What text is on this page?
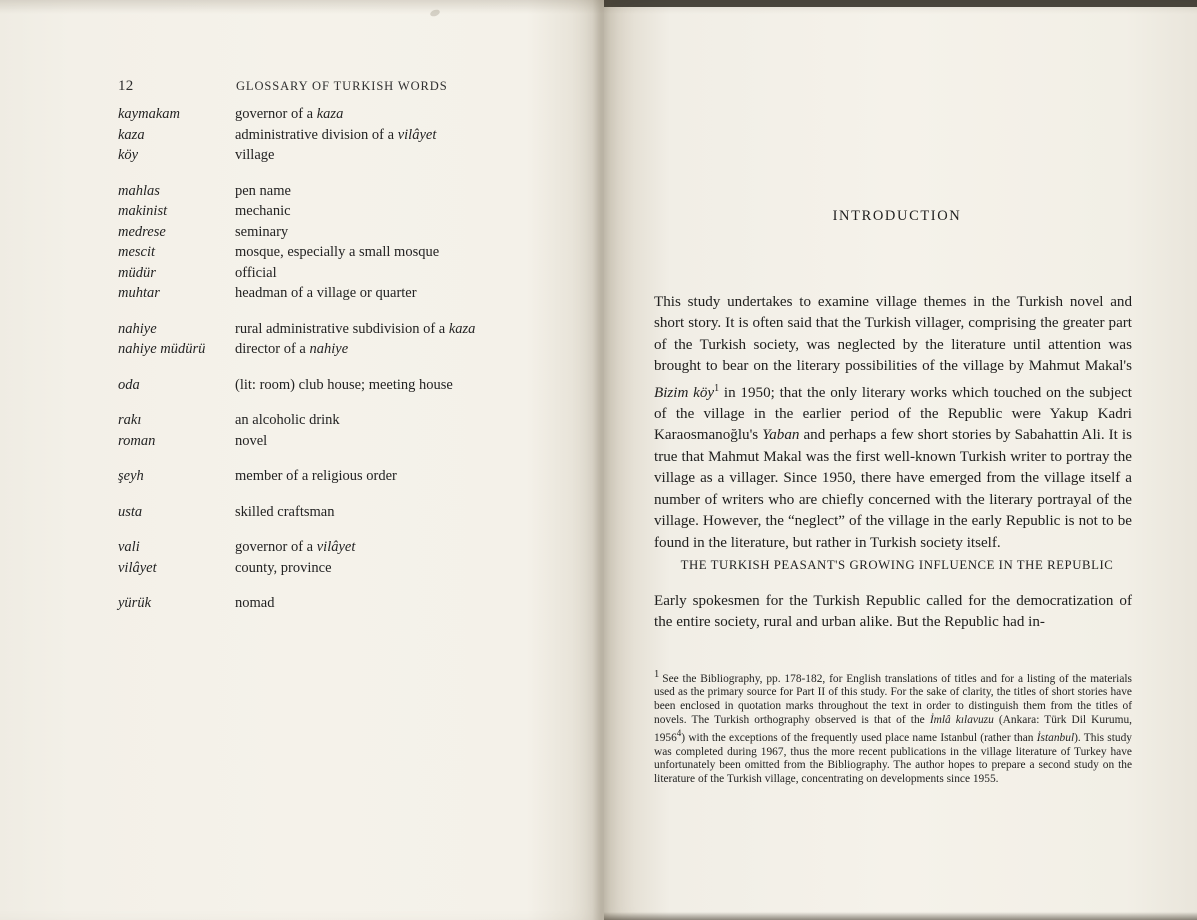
12	GLOSSARY OF TURKISH WORDS
kaymakam	governor of a kaza
kaza	administrative division of a vilâyet
köy	village
mahlas	pen name
makinist	mechanic
medrese	seminary
mescit	mosque, especially a small mosque
müdür	official
muhtar	headman of a village or quarter
nahiye	rural administrative subdivision of a kaza
nahiye müdürü	director of a nahiye
oda	(lit: room) club house; meeting house
rakı	an alcoholic drink
roman	novel
şeyh	member of a religious order
usta	skilled craftsman
vali	governor of a vilâyet
vilâyet	county, province
yürük	nomad
INTRODUCTION

This study undertakes to examine village themes in the Turkish novel and short story. It is often said that the Turkish villager, comprising the greater part of the Turkish society, was neglected by the literature until attention was brought to bear on the literary possibilities of the village by Mahmut Makal's Bizim köy$^1$ in 1950; that the only literary works which touched on the subject of the village in the earlier period of the Republic were Yakup Kadri Karaosmanoğlu's Yaban and perhaps a few short stories by Sabahattin Ali. It is true that Mahmut Makal was the first well-known Turkish writer to portray the village as a villager. Since 1950, there have emerged from the village itself a number of writers who are chiefly concerned with the literary portrayal of the village. However, the “neglect” of the village in the early Republic is not to be found in the literature, but rather in Turkish society itself.

THE TURKISH PEASANT'S GROWING INFLUENCE IN THE REPUBLIC

Early spokesmen for the Turkish Republic called for the democratization of the entire society, rural and urban alike. But the Republic had in-

1 See the Bibliography, pp. 178-182, for English translations of titles and for a listing of the materials used as the primary source for Part II of this study. For the sake of clarity, the titles of short stories have been enclosed in quotation marks throughout the text in order to distinguish them from the titles of novels. The Turkish orthography observed is that of the İmlâ kılavuzu (Ankara: Türk Dil Kurumu, 1956$^4$) with the exceptions of the frequently used place name Istanbul (rather than İstanbul). This study was completed during 1967, thus the more recent publications in the village literature of Turkey have unfortunately been omitted from the Bibliography. The author hopes to prepare a second study on the literature of the Turkish village, concentrating on developments since 1955.
